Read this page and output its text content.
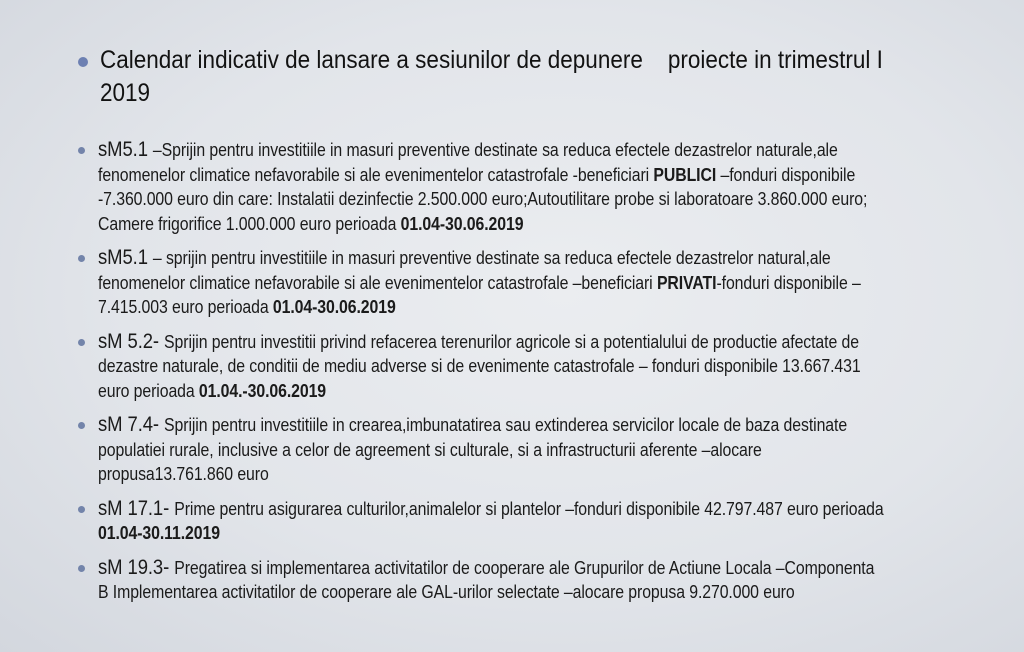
Calendar indicativ de lansare a sesiunilor de depunere    proiecte in trimestrul I 2019
sM5.1 –Sprijin pentru investitiile in masuri preventive destinate sa reduca efectele dezastrelor naturale,ale fenomenelor climatice nefavorabile si ale evenimentelor catastrofale -beneficiari PUBLICI –fonduri disponibile -7.360.000 euro din care: Instalatii dezinfectie 2.500.000 euro;Autoutilitare probe si laboratoare 3.860.000 euro; Camere frigorifice 1.000.000 euro perioada 01.04-30.06.2019
sM5.1 – sprijin pentru investitiile in masuri preventive destinate sa reduca efectele dezastrelor natural,ale fenomenelor climatice nefavorabile si ale evenimentelor catastrofale –beneficiari PRIVATI-fonduri disponibile – 7.415.003 euro perioada 01.04-30.06.2019
sM 5.2- Sprijin pentru investitii privind refacerea terenurilor agricole si a potentialului de productie afectate de dezastre naturale, de conditii de mediu adverse si de evenimente catastrofale – fonduri disponibile 13.667.431  euro perioada 01.04.-30.06.2019
sM 7.4- Sprijin pentru investitiile in crearea,imbunatatirea sau extinderea servicilor locale de baza destinate populatiei rurale, inclusive a celor de agreement si culturale, si a infrastructurii aferente –alocare propusa13.761.860 euro
sM 17.1- Prime pentru asigurarea culturilor,animalelor si plantelor –fonduri disponibile 42.797.487 euro perioada 01.04-30.11.2019
sM 19.3- Pregatirea si implementarea activitatilor de cooperare ale Grupurilor de Actiune Locala –Componenta B Implementarea activitatilor de cooperare ale GAL-urilor selectate –alocare propusa 9.270.000 euro
